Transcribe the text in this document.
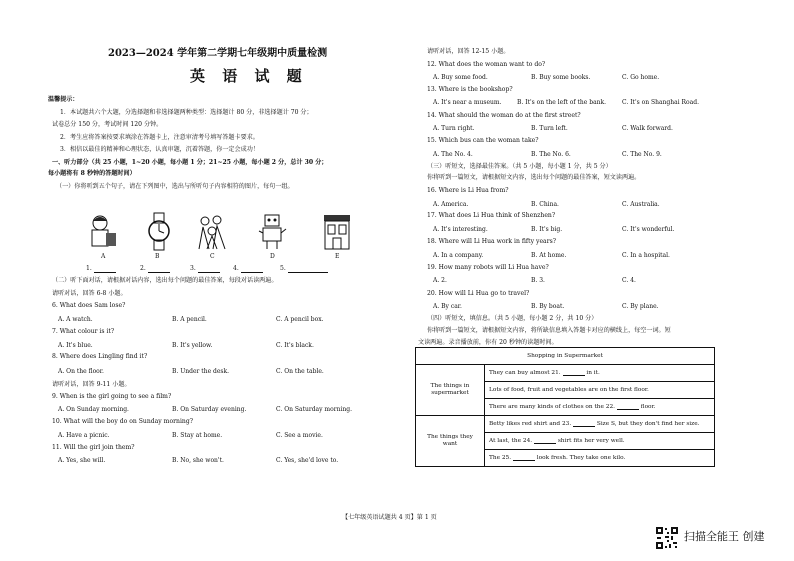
2023—2024 学年第二学期七年级期中质量检测
英 语 试 题
温馨提示：
1．本试题共六个大题，分选择题和非选择题两种类型：选择题计 80 分，非选择题计 70 分；
试卷总分 150 分，考试时间 120 分钟。
2．考生应将答案按要求填涂在答题卡上，注意审清考号填写答题卡要求。
3．相信以最佳的精神和心理状态，认真审题，沉着答题，你一定会成功！
一、听力部分（共 25 小题，1~20 小题，每小题 1 分；21~25 小题，每小题 2 分，总计 30 分；
每小题将有 8 秒钟的答题时间）
（一）你将听到五个句子，请在下列图中，选出与所听句子内容相符的图片，每句一组。
A	B	C	D	E
1.	2.	3.	4.	5.
（二）听下面对话，请根据对话内容，选出每个问题的最佳答案，每段对话读两遍。
请听对话，回答 6-8 小题。
6. What does Sam lose?
A. A watch.	B. A pencil.	C. A pencil box.
7. What colour is it?
A. It's blue.	B. It's yellow.	C. It's black.
8. Where does Lingling find it?
A. On the floor.	B. Under the desk.	C. On the table.
请听对话，回答 9-11 小题。
9. When is the girl going to see a film?
A. On Sunday morning.	B. On Saturday evening.	C. On Saturday morning.
10. What will the boy do on Sunday morning?
A. Have a picnic.	B. Stay at home.	C. See a movie.
11. Will the girl join them?
A. Yes, she will.	B. No, she won't.	C. Yes, she'd love to.
请听对话，回答 12-15 小题。
12. What does the woman want to do?
A. Buy some food.	B. Buy some books.	C. Go home.
13. Where is the bookshop?
A. It's near a museum.	B. It's on the left of the bank.	C. It's on Shanghai Road.
14. What should the woman do at the first street?
A. Turn right.	B. Turn left.	C. Walk forward.
15. Which bus can the woman take?
A. The No. 4.	B. The No. 6.	C. The No. 9.
（三）听短文，选择最佳答案。（共 5 小题，每小题 1 分，共 5 分）
你将听到一篇短文，请根据短文内容，选出每个问题的最佳答案，短文读两遍。
16. Where is Li Hua from?
A. America.	B. China.	C. Australia.
17. What does Li Hua think of Shenzhen?
A. It's interesting.	B. It's big.	C. It's wonderful.
18. Where will Li Hua work in fifty years?
A. In a company.	B. At home.	C. In a hospital.
19. How many robots will Li Hua have?
A. 2.	B. 3.	C. 4.
20. How will Li Hua go to travel?
A. By car.	B. By boat.	C. By plane.
（四）听短文，填信息。（共 5 小题，每小题 2 分，共 10 分）
你将听到一篇短文，请根据短文内容，将所缺信息填入答题卡对应的横线上，每空一词。短
文读两遍。录音播放前，你有 20 秒钟的读题时间。
Shopping in Supermarket	
The things in supermarket	They can buy almost 21. in it.
	Lots of food, fruit and vegetables are on the first floor.
	There are many kinds of clothes on the 22. floor.
The things they want	Betty likes red shirt and 23. Size S, but they don't find her size.
	At last, the 24. shirt fits her very well.
	The 25. look fresh. They take one kilo.
【七年级英语试题共 4 页】第 1 页
扫描全能王 创建
